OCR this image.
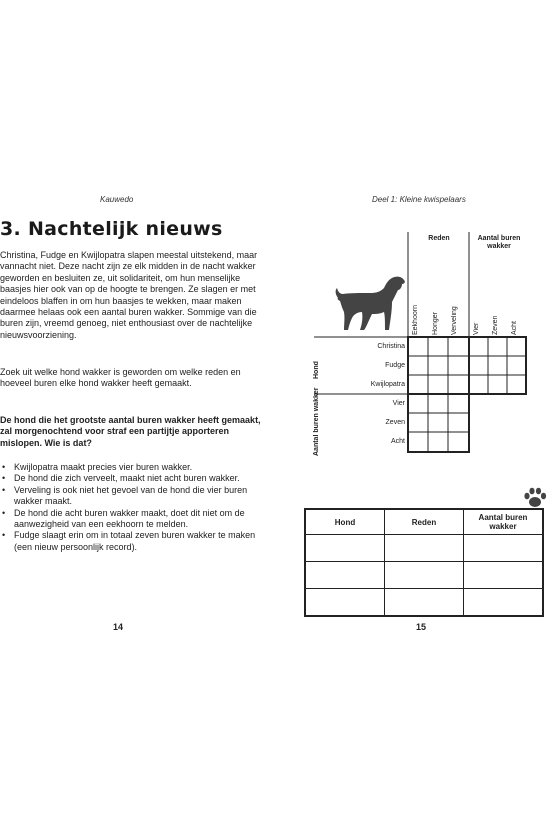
Kauwedo
3. Nachtelijk nieuws

Christina, Fudge en Kwijlopatra slapen meestal uitstekend, maar vannacht niet. Deze nacht zijn ze elk midden in de nacht wakker geworden en besluiten ze, uit solidariteit, om hun menselijke baasjes hier ook van op de hoogte te brengen. Ze slagen er met eindeloos blaffen in om hun baasjes te wekken, maar maken daarmee helaas ook een aantal buren wakker. Sommige van die buren zijn, vreemd genoeg, niet enthousiast over de nachtelijke nieuwsvoorziening.

Zoek uit welke hond wakker is geworden om welke reden en hoeveel buren elke hond wakker heeft gemaakt.

De hond die het grootste aantal buren wakker heeft gemaakt, zal morgenochtend voor straf een partijtje apporteren mislopen. Wie is dat?

• Kwijlopatra maakt precies vier buren wakker.
• De hond die zich verveelt, maakt niet acht buren wakker.
• Verveling is ook niet het gevoel van de hond die vier buren wakker maakt.
• De hond die acht buren wakker maakt, doet dit niet om de aanwezigheid van een eekhoorn te melden.
• Fudge slaagt erin om in totaal zeven buren wakker te maken (een nieuw persoonlijk record).
14
Deel 1: Kleine kwispelaars
Reden	Aantal buren wakker
Eekhoorn Honger Verveling Vier Zeven Acht
Hond
Aantal buren wakker
Christina
Fudge
Kwijlopatra
Vier
Zeven
Acht
Hond	Reden	Aantal buren wakker

15
